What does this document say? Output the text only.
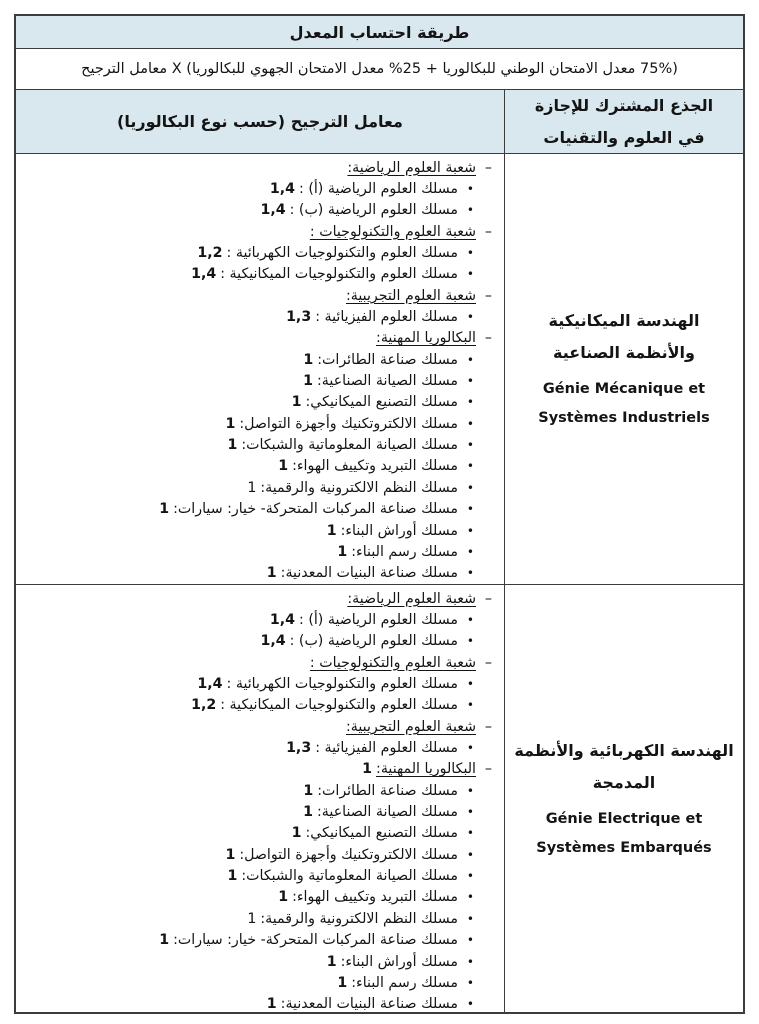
طريقة احتساب المعدل
(75% معدل الامتحان الوطني للبكالوريا + 25% معدل الامتحان الجهوي للبكالوريا) X معامل الترجيح
الجذع المشترك للإجازة في العلوم والتقنيات
معامل الترجيح (حسب نوع البكالوريا)
الهندسة الميكانيكية والأنظمة الصناعية
Génie Mécanique et Systèmes Industriels
–
شعبة العلوم الرياضية:
•
مسلك العلوم الرياضية (أ) :
1,4
•
مسلك العلوم الرياضية (ب) :
1,4
–
شعبة العلوم والتكنولوجيات :
•
مسلك العلوم والتكنولوجيات الكهربائية :
1,2
•
مسلك العلوم والتكنولوجيات الميكانيكية :
1,4
–
شعبة العلوم التجريبية:
•
مسلك العلوم الفيزيائية :
1,3
–
البكالوريا المهنية:
•
مسلك صناعة الطائرات:
1
•
مسلك الصيانة الصناعية:
1
•
مسلك التصنيع الميكانيكي:
1
•
مسلك الالكتروتكنيك وأجهزة التواصل:
1
•
مسلك الصيانة المعلوماتية والشبكات:
1
•
مسلك التبريد وتكييف الهواء:
1
•
مسلك النظم الالكترونية والرقمية:
1
•
مسلك صناعة المركبات المتحركة- خيار: سيارات:
1
•
مسلك أوراش البناء:
1
•
مسلك رسم البناء:
1
•
مسلك صناعة البنيات المعدنية:
1
الهندسة الكهربائية والأنظمة المدمجة
Génie Electrique et Systèmes Embarqués
–
شعبة العلوم الرياضية:
•
مسلك العلوم الرياضية (أ) :
1,4
•
مسلك العلوم الرياضية (ب) :
1,4
–
شعبة العلوم والتكنولوجيات :
•
مسلك العلوم والتكنولوجيات الكهربائية :
1,4
•
مسلك العلوم والتكنولوجيات الميكانيكية :
1,2
–
شعبة العلوم التجريبية:
•
مسلك العلوم الفيزيائية :
1,3
–
البكالوريا المهنية:
1
•
مسلك صناعة الطائرات:
1
•
مسلك الصيانة الصناعية:
1
•
مسلك التصنيع الميكانيكي:
1
•
مسلك الالكتروتكنيك وأجهزة التواصل:
1
•
مسلك الصيانة المعلوماتية والشبكات:
1
•
مسلك التبريد وتكييف الهواء:
1
•
مسلك النظم الالكترونية والرقمية:
1
•
مسلك صناعة المركبات المتحركة- خيار: سيارات:
1
•
مسلك أوراش البناء:
1
•
مسلك رسم البناء:
1
•
مسلك صناعة البنيات المعدنية:
1
